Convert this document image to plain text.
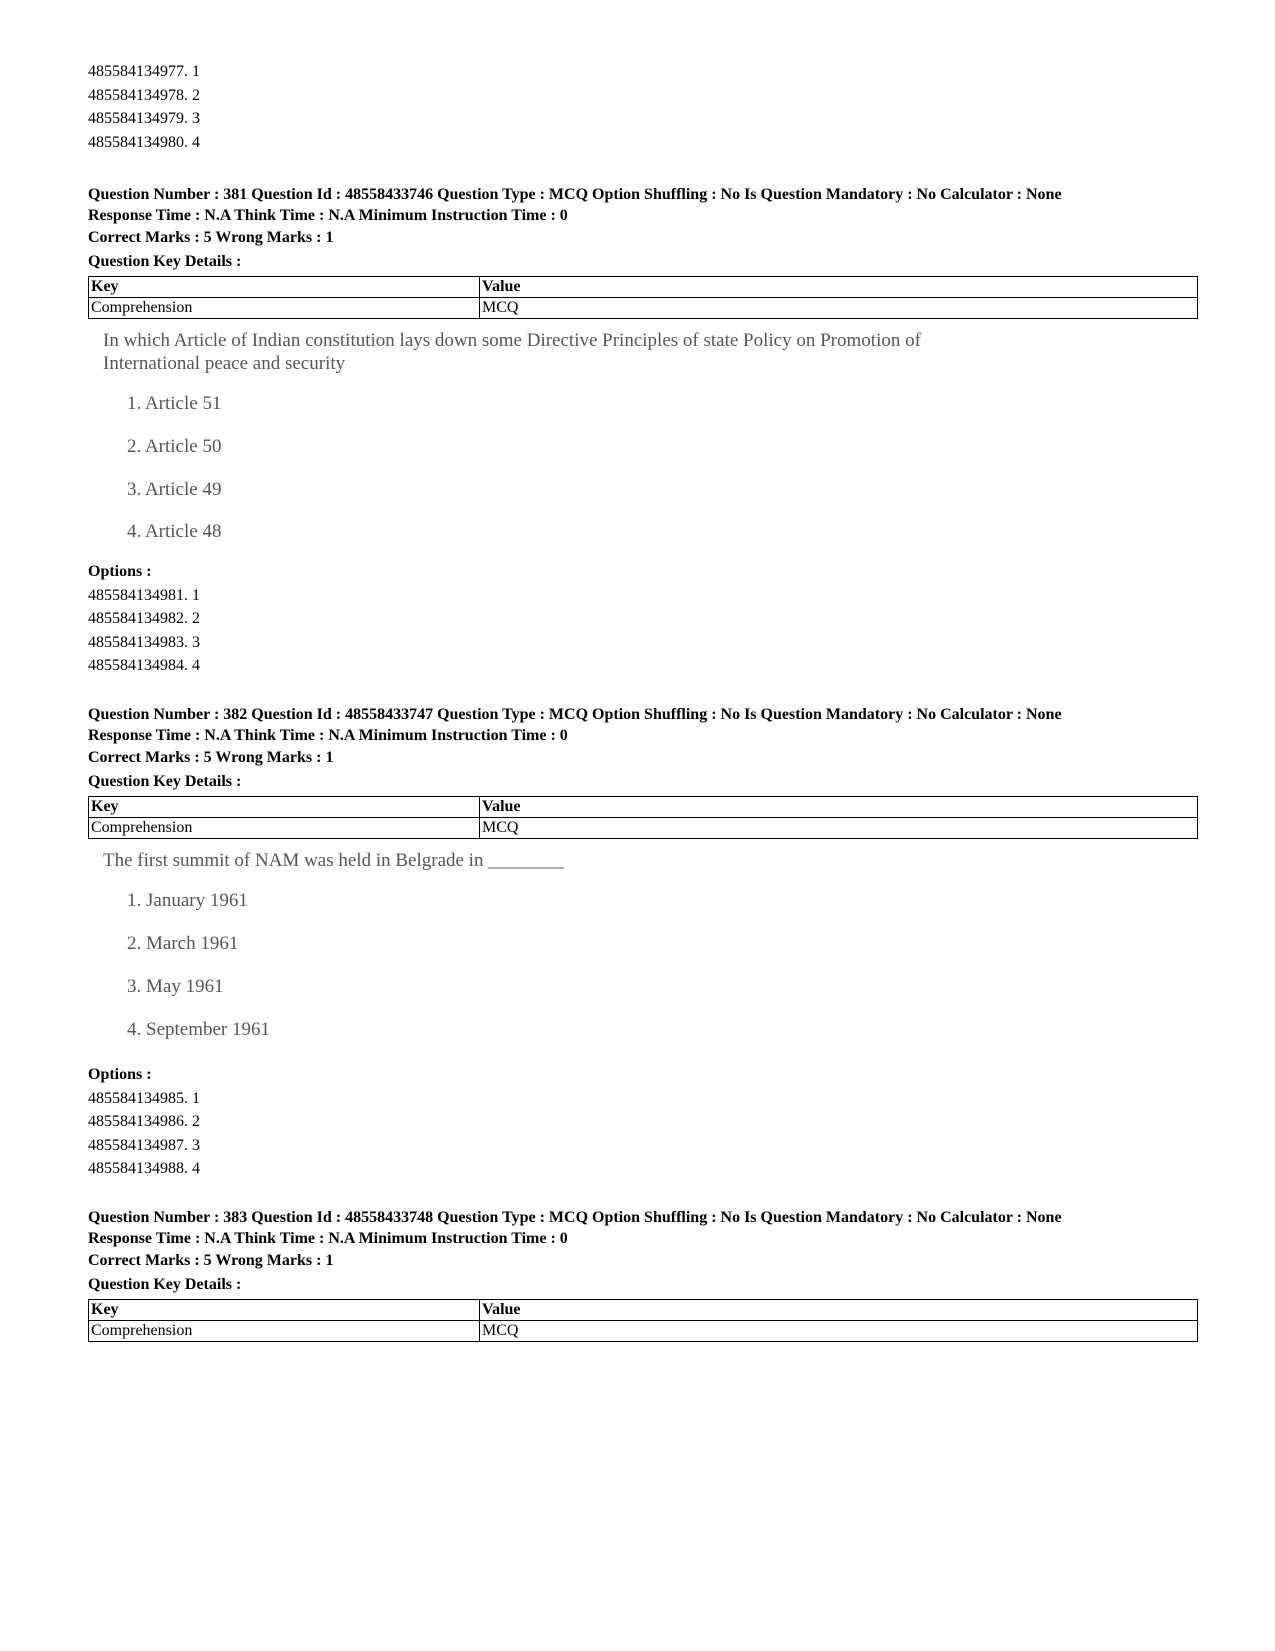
485584134977. 1
485584134978. 2
485584134979. 3
485584134980. 4
Question Number : 381 Question Id : 48558433746 Question Type : MCQ Option Shuffling : No Is Question Mandatory : No Calculator : None
Response Time : N.A Think Time : N.A Minimum Instruction Time : 0
Correct Marks : 5 Wrong Marks : 1
Question Key Details :
Key	Value
Comprehension	MCQ
In which Article of Indian constitution lays down some Directive Principles of state Policy on Promotion of
International peace and security
1. Article 51
2. Article 50
3. Article 49
4. Article 48
Options :
485584134981. 1
485584134982. 2
485584134983. 3
485584134984. 4
Question Number : 382 Question Id : 48558433747 Question Type : MCQ Option Shuffling : No Is Question Mandatory : No Calculator : None
Response Time : N.A Think Time : N.A Minimum Instruction Time : 0
Correct Marks : 5 Wrong Marks : 1
Question Key Details :
Key	Value
Comprehension	MCQ
The first summit of NAM was held in Belgrade in ________
1. January 1961
2. March 1961
3. May 1961
4. September 1961
Options :
485584134985. 1
485584134986. 2
485584134987. 3
485584134988. 4
Question Number : 383 Question Id : 48558433748 Question Type : MCQ Option Shuffling : No Is Question Mandatory : No Calculator : None
Response Time : N.A Think Time : N.A Minimum Instruction Time : 0
Correct Marks : 5 Wrong Marks : 1
Question Key Details :
Key	Value
Comprehension	MCQ
